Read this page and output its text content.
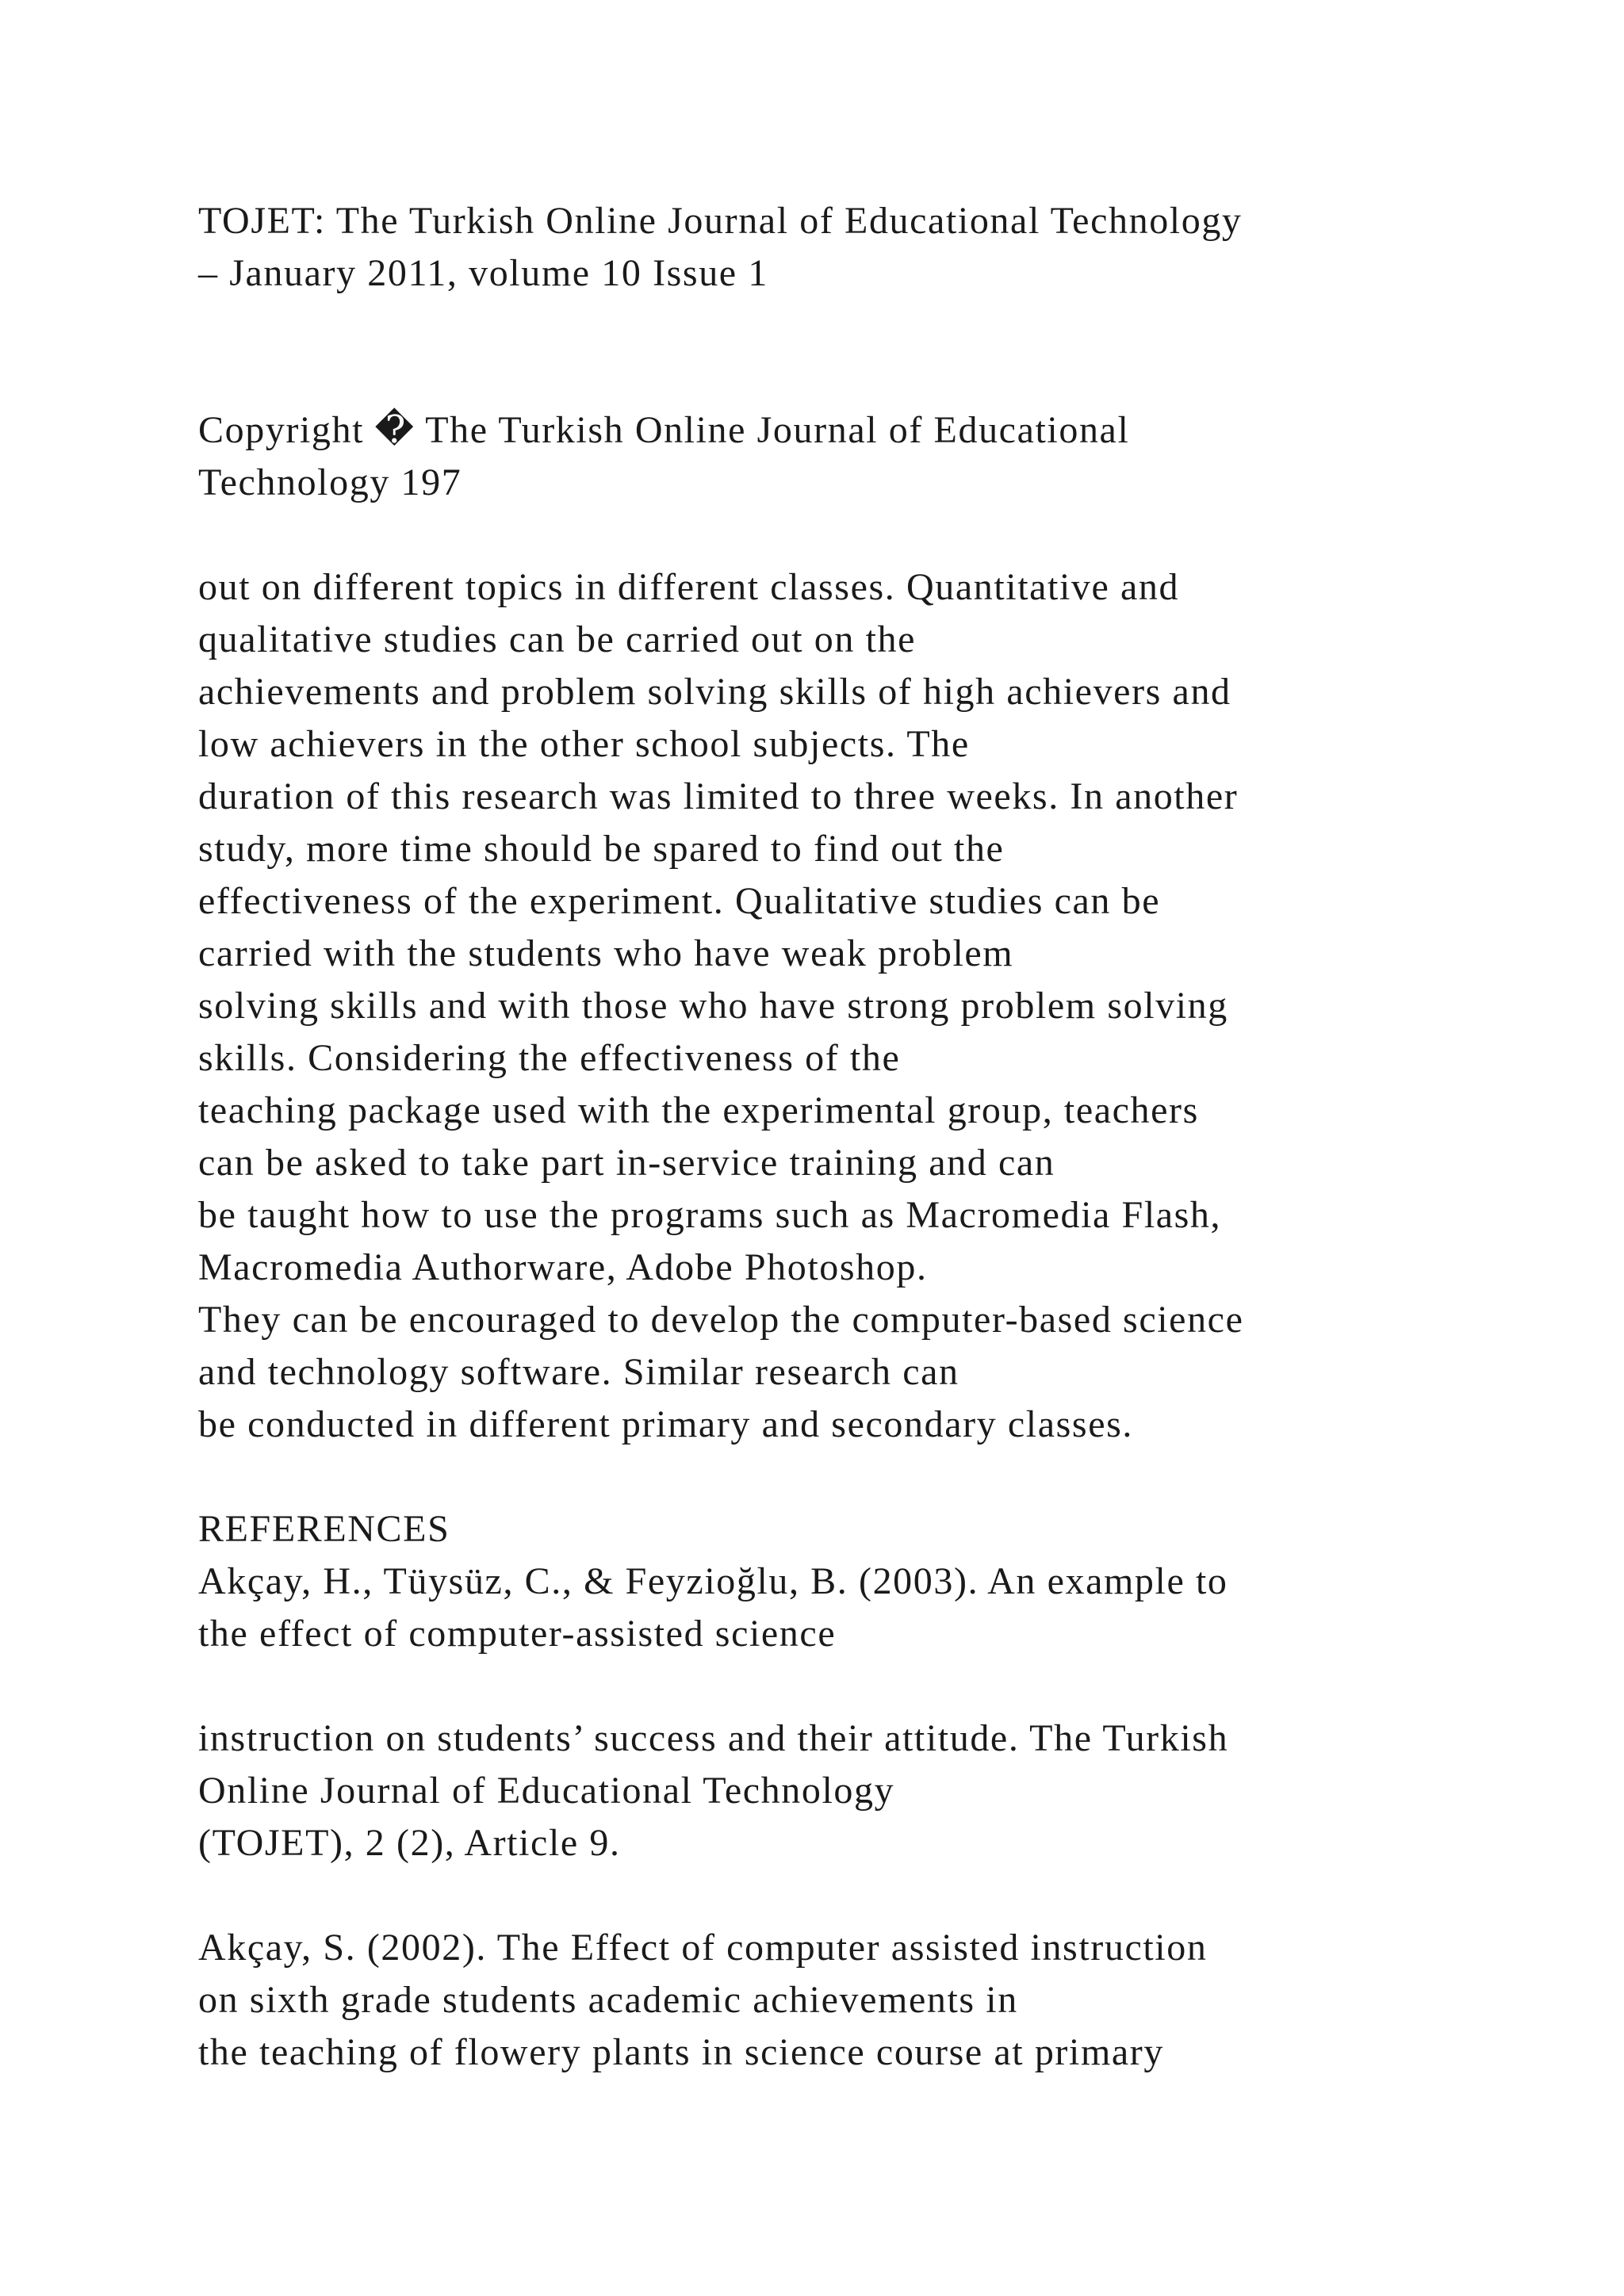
TOJET: The Turkish Online Journal of Educational Technology
– January 2011, volume 10 Issue 1
Copyright � The Turkish Online Journal of Educational
Technology 197
out on different topics in different classes. Quantitative and
qualitative studies can be carried out on the
achievements and problem solving skills of high achievers and
low achievers in the other school subjects. The
duration of this research was limited to three weeks. In another
study, more time should be spared to find out the
effectiveness of the experiment. Qualitative studies can be
carried with the students who have weak problem
solving skills and with those who have strong problem solving
skills. Considering the effectiveness of the
teaching package used with the experimental group, teachers
can be asked to take part in-service training and can
be taught how to use the programs such as Macromedia Flash,
Macromedia Authorware, Adobe Photoshop.
They can be encouraged to develop the computer-based science
and technology software. Similar research can
be conducted in different primary and secondary classes.
REFERENCES
Akçay, H., Tüysüz, C., & Feyzioğlu, B. (2003). An example to
the effect of computer-assisted science
instruction on students’ success and their attitude. The Turkish
Online Journal of Educational Technology
(TOJET), 2 (2), Article 9.
Akçay, S. (2002). The Effect of computer assisted instruction
on sixth grade students academic achievements in
the teaching of flowery plants in science course at primary
